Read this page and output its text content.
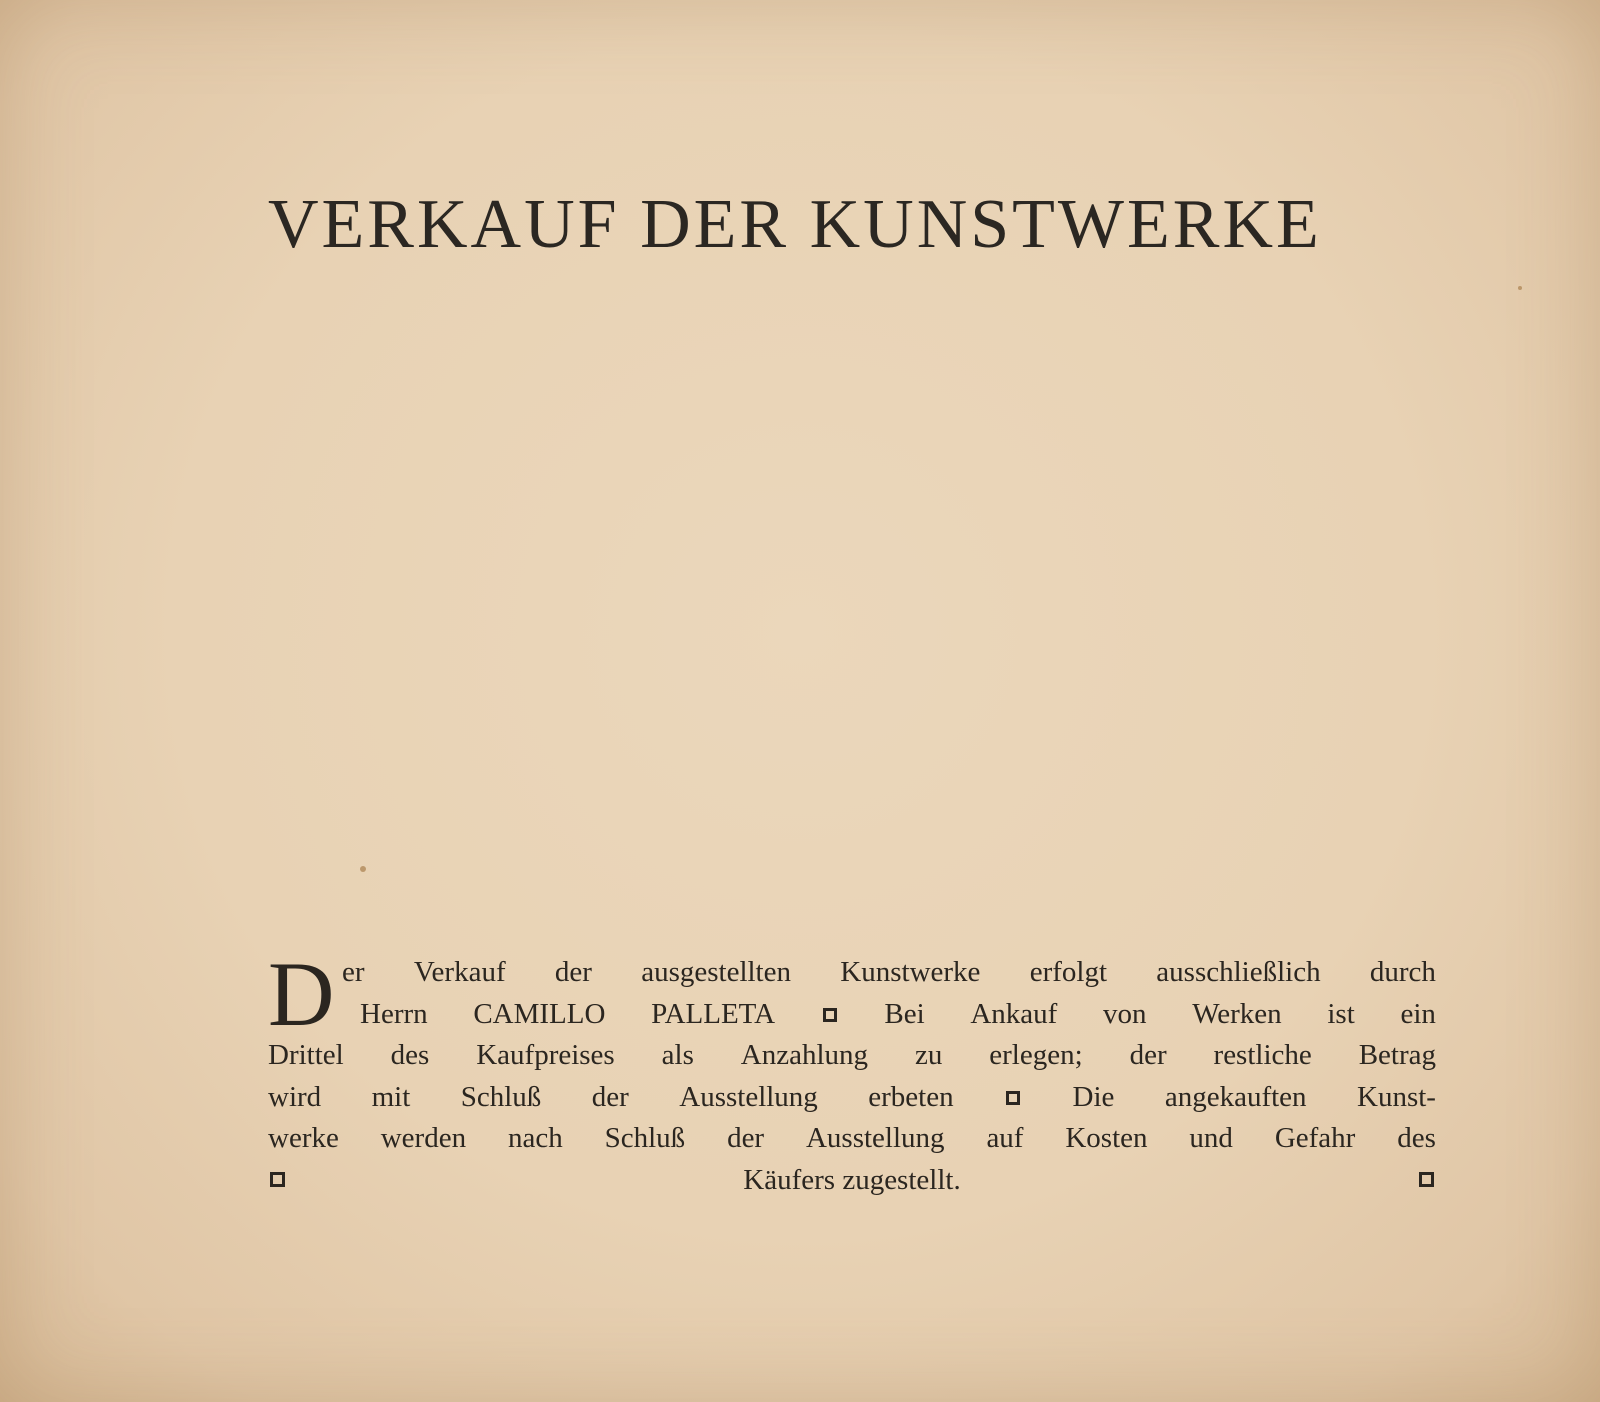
VERKAUF DER KUNSTWERKE
D er Verkauf der ausgestellten Kunstwerke erfolgt ausschließlich durch
Herrn CAMILLO PALLETA	Bei Ankauf von Werken ist ein
Drittel des Kaufpreises als Anzahlung zu erlegen; der restliche Betrag
wird mit Schluß der Ausstellung erbeten	Die angekauften Kunst-
werke werden nach Schluß der Ausstellung auf Kosten und Gefahr des
Käufers zugestellt.
